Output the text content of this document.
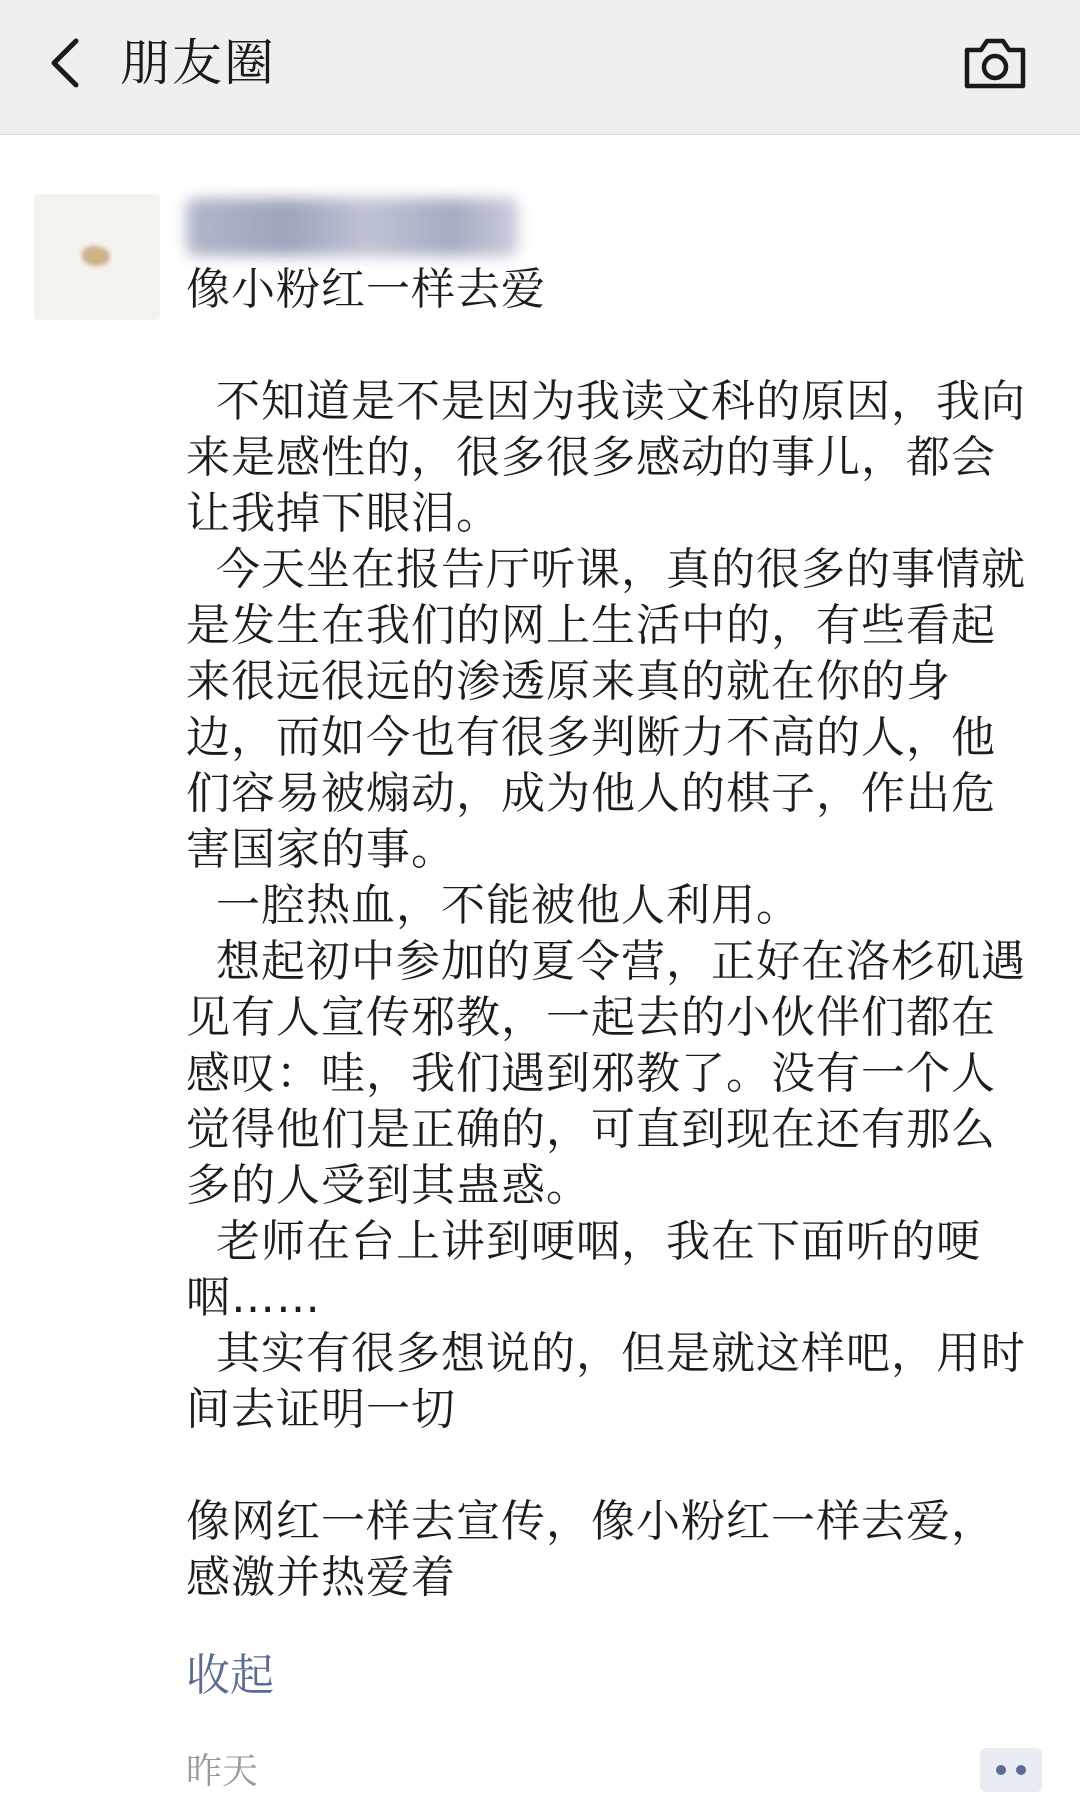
朋友圈
像小粉红一样去爱

不知道是不是因为我读文科的原因，我向来是感性的，很多很多感动的事儿，都会让我掉下眼泪。
今天坐在报告厅听课，真的很多的事情就是发生在我们的网上生活中的，有些看起来很远很远的渗透原来真的就在你的身边，而如今也有很多判断力不高的人，他们容易被煽动，成为他人的棋子，作出危害国家的事。
一腔热血，不能被他人利用。
想起初中参加的夏令营，正好在洛杉矶遇见有人宣传邪教，一起去的小伙伴们都在感叹：哇，我们遇到邪教了。没有一个人觉得他们是正确的，可直到现在还有那么多的人受到其蛊惑。
老师在台上讲到哽咽，我在下面听的哽咽……
其实有很多想说的，但是就这样吧，用时间去证明一切

像网红一样去宣传，像小粉红一样去爱，感激并热爱着
收起
昨天
